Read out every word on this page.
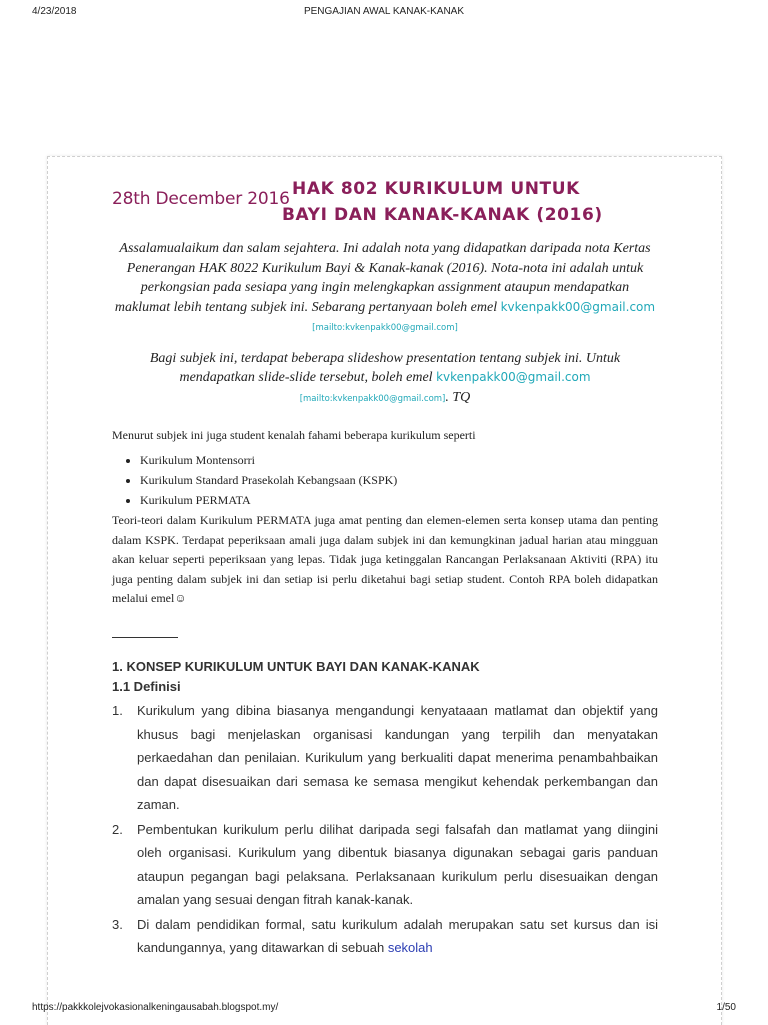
4/23/2018	PENGAJIAN AWAL KANAK-KANAK
28th December 2016 HAK 802 KURIKULUM UNTUK
BAYI DAN KANAK-KANAK (2016)

Assalamualaikum dan salam sejahtera. Ini adalah nota yang didapatkan daripada nota Kertas Penerangan HAK 8022 Kurikulum Bayi & Kanak-kanak (2016). Nota-nota ini adalah untuk perkongsian pada sesiapa yang ingin melengkapkan assignment ataupun mendapatkan maklumat lebih tentang subjek ini. Sebarang pertanyaan boleh emel kvkenpakk00@gmail.com [mailto:kvkenpakk00@gmail.com]

Bagi subjek ini, terdapat beberapa slideshow presentation tentang subjek ini. Untuk mendapatkan slide-slide tersebut, boleh emel kvkenpakk00@gmail.com
[mailto:kvkenpakk00@gmail.com]. TQ

Menurut subjek ini juga student kenalah fahami beberapa kurikulum seperti
• Kurikulum Montensorri
• Kurikulum Standard Prasekolah Kebangsaan (KSPK)
• Kurikulum PERMATA
Teori-teori dalam Kurikulum PERMATA juga amat penting dan elemen-elemen serta konsep utama dan penting dalam KSPK. Terdapat peperiksaan amali juga dalam subjek ini dan kemungkinan jadual harian atau mingguan akan keluar seperti peperiksaan yang lepas. Tidak juga ketinggalan Rancangan Perlaksanaan Aktiviti (RPA) itu juga penting dalam subjek ini dan setiap isi perlu diketahui bagi setiap student. Contoh RPA boleh didapatkan melalui emel☺
1. KONSEP KURIKULUM UNTUK BAYI DAN KANAK-KANAK
1.1 Definisi
1. Kurikulum yang dibina biasanya mengandungi kenyataaan matlamat dan objektif yang khusus bagi menjelaskan organisasi kandungan yang terpilih dan menyatakan perkaedahan dan penilaian. Kurikulum yang berkualiti dapat menerima penambahbaikan dan dapat disesuaikan dari semasa ke semasa mengikut kehendak perkembangan dan zaman.
2. Pembentukan kurikulum perlu dilihat daripada segi falsafah dan matlamat yang diingini oleh organisasi. Kurikulum yang dibentuk biasanya digunakan sebagai garis panduan ataupun pegangan bagi pelaksana. Perlaksanaan kurikulum perlu disesuaikan dengan amalan yang sesuai dengan fitrah kanak-kanak.
3. Di dalam pendidikan formal, satu kurikulum adalah merupakan satu set kursus dan isi kandungannya, yang ditawarkan di sebuah sekolah
https://pakkkolejvokasionalkeningausabah.blogspot.my/	1/50
